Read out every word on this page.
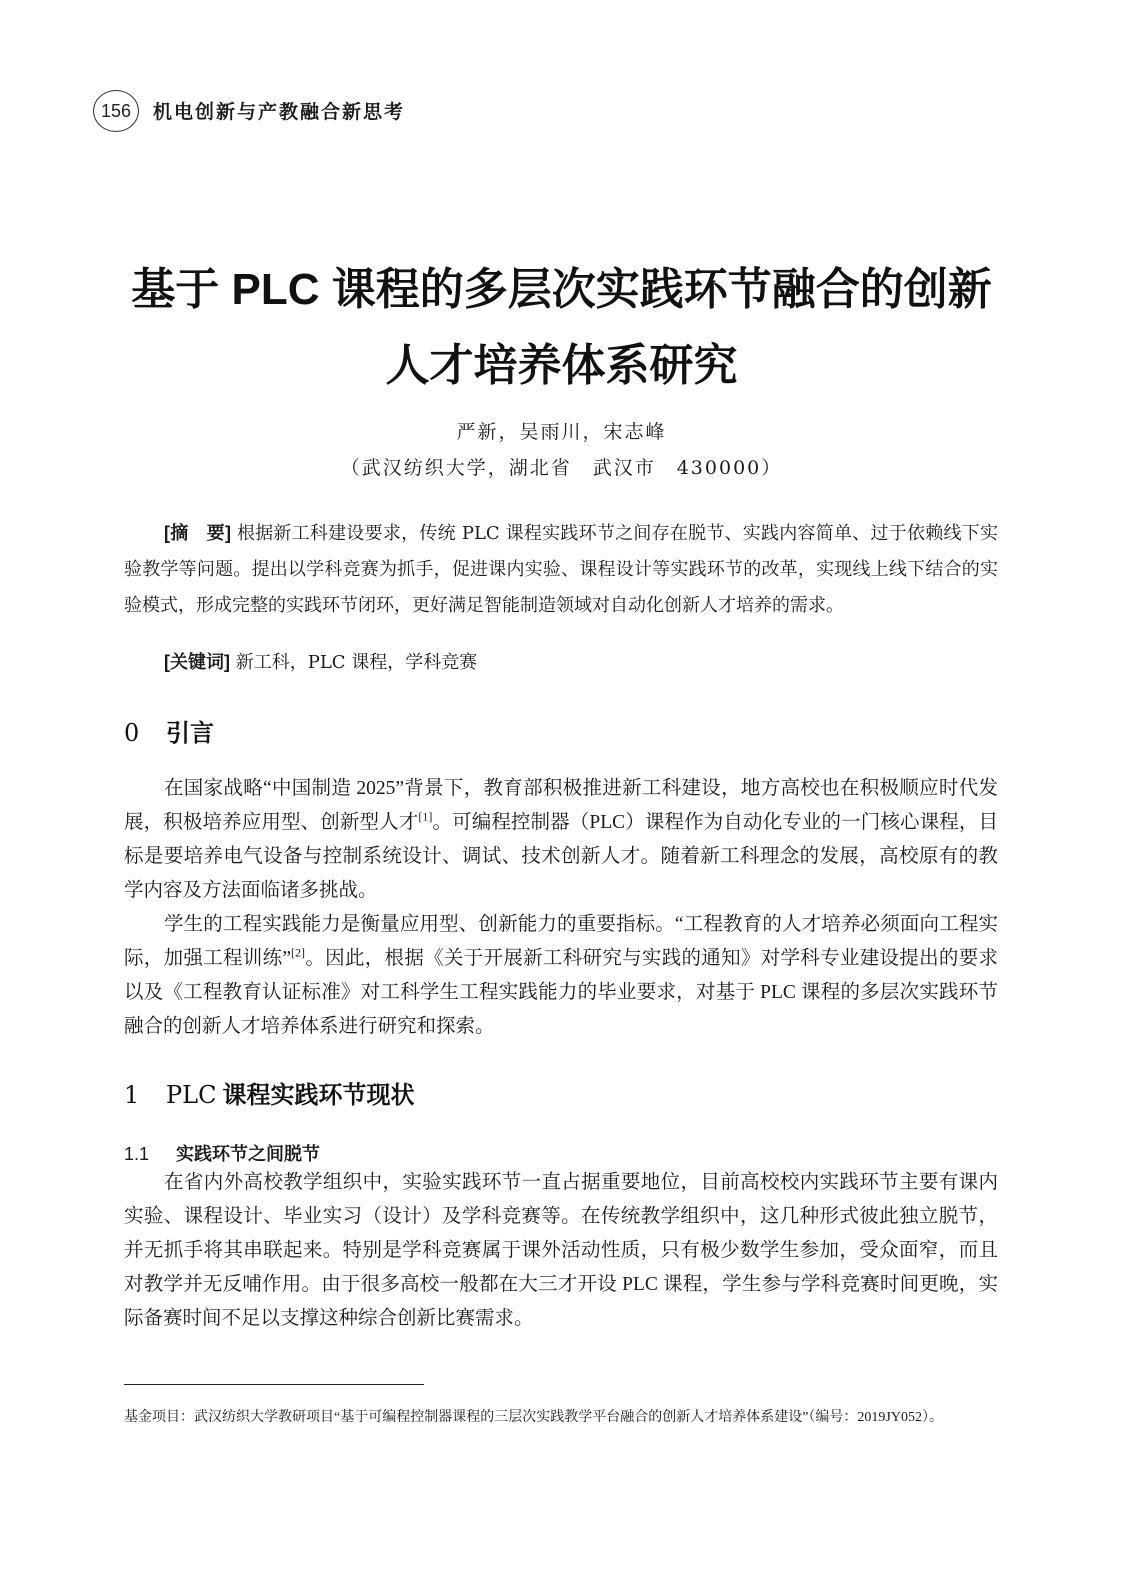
156	机电创新与产教融合新思考
基于 PLC 课程的多层次实践环节融合的创新
人才培养体系研究
严新，吴雨川，宋志峰
（武汉纺织大学，湖北省　武汉市　430000）
[摘　要] 根据新工科建设要求，传统 PLC 课程实践环节之间存在脱节、实践内容简单、过于依赖线下实验教学等问题。提出以学科竞赛为抓手，促进课内实验、课程设计等实践环节的改革，实现线上线下结合的实验模式，形成完整的实践环节闭环，更好满足智能制造领域对自动化创新人才培养的需求。
[关键词] 新工科，PLC 课程，学科竞赛
0 引言

在国家战略“中国制造 2025”背景下，教育部积极推进新工科建设，地方高校也在积极顺应时代发展，积极培养应用型、创新型人才[1]。可编程控制器（PLC）课程作为自动化专业的一门核心课程，目标是要培养电气设备与控制系统设计、调试、技术创新人才。随着新工科理念的发展，高校原有的教学内容及方法面临诸多挑战。

学生的工程实践能力是衡量应用型、创新能力的重要指标。“工程教育的人才培养必须面向工程实际，加强工程训练”[2]。因此，根据《关于开展新工科研究与实践的通知》对学科专业建设提出的要求以及《工程教育认证标准》对工科学生工程实践能力的毕业要求，对基于 PLC 课程的多层次实践环节融合的创新人才培养体系进行研究和探索。

1 PLC 课程实践环节现状
1.1 实践环节之间脱节

在省内外高校教学组织中，实验实践环节一直占据重要地位，目前高校校内实践环节主要有课内实验、课程设计、毕业实习（设计）及学科竞赛等。在传统教学组织中，这几种形式彼此独立脱节，并无抓手将其串联起来。特别是学科竞赛属于课外活动性质，只有极少数学生参加，受众面窄，而且对教学并无反哺作用。由于很多高校一般都在大三才开设 PLC 课程，学生参与学科竞赛时间更晚，实际备赛时间不足以支撑这种综合创新比赛需求。

基金项目：武汉纺织大学教研项目“基于可编程控制器课程的三层次实践教学平台融合的创新人才培养体系建设”（编号：2019JY052）。
